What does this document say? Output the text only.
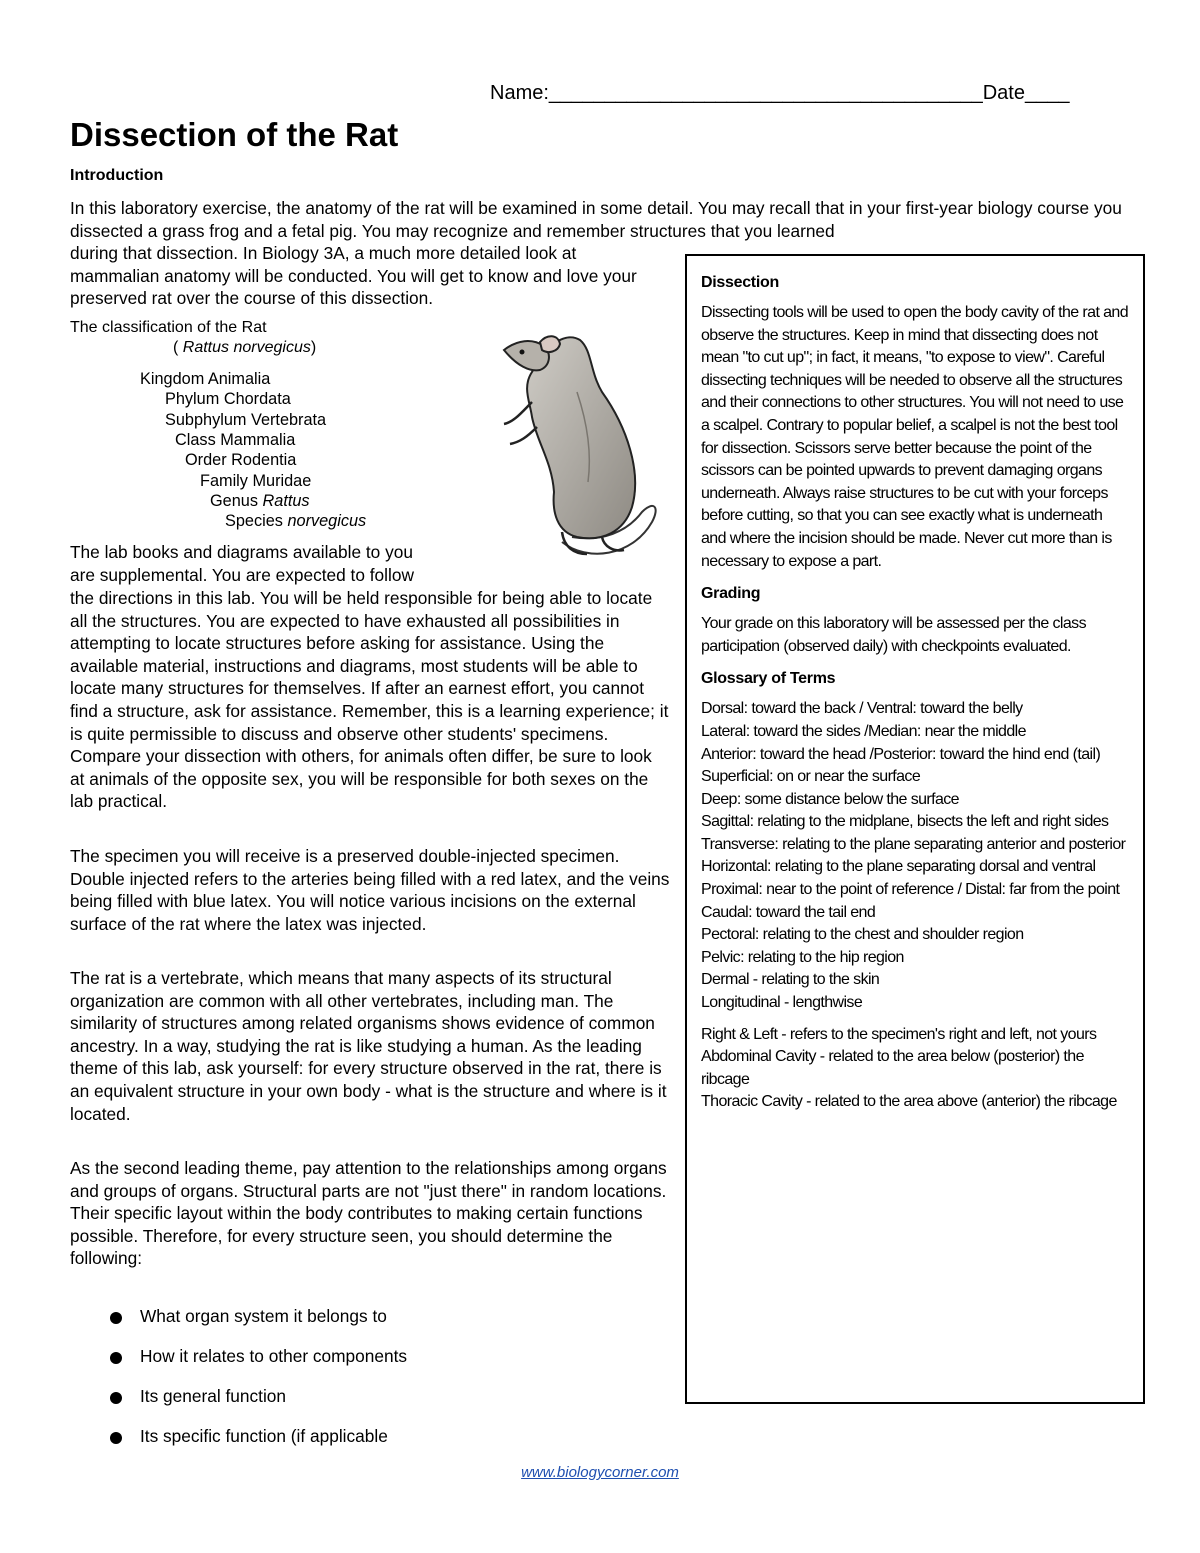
Name:_______________________________________Date____
Dissection of the Rat
Introduction

In this laboratory exercise, the anatomy of the rat will be examined in some detail. You may recall that in your first-year biology course you dissected a grass frog and a fetal pig. You may recognize and remember structures that you learned

during that dissection. In Biology 3A, a much more detailed look at mammalian anatomy will be conducted. You will get to know and love your preserved rat over the course of this dissection.

The classification of the Rat
( Rattus norvegicus)
Kingdom Animalia
Phylum Chordata
Subphylum Vertebrata
Class Mammalia
Order Rodentia
Family Muridae
Genus Rattus
Species norvegicus

The lab books and diagrams available to you

are supplemental. You are expected to follow

the directions in this lab. You will be held responsible for being able to locate all the structures. You are expected to have exhausted all possibilities in attempting to locate structures before asking for assistance. Using the available material, instructions and diagrams, most students will be able to locate many structures for themselves. If after an earnest effort, you cannot find a structure, ask for assistance. Remember, this is a learning experience; it is quite permissible to discuss and observe other students' specimens. Compare your dissection with others, for animals often differ, be sure to look at animals of the opposite sex, you will be responsible for both sexes on the lab practical.

The specimen you will receive is a preserved double-injected specimen. Double injected refers to the arteries being filled with a red latex, and the veins being filled with blue latex. You will notice various incisions on the external surface of the rat where the latex was injected.

The rat is a vertebrate, which means that many aspects of its structural organization are common with all other vertebrates, including man. The similarity of structures among related organisms shows evidence of common ancestry. In a way, studying the rat is like studying a human. As the leading theme of this lab, ask yourself: for every structure observed in the rat, there is an equivalent structure in your own body - what is the structure and where is it located.

As the second leading theme, pay attention to the relationships among organs and groups of organs. Structural parts are not "just there" in random locations. Their specific layout within the body contributes to making certain functions possible. Therefore, for every structure seen, you should determine the following:

What organ system it belongs to
How it relates to other components
Its general function
Its specific function (if applicable

Dissection

Dissecting tools will be used to open the body cavity of the rat and observe the structures. Keep in mind that dissecting does not mean "to cut up"; in fact, it means, "to expose to view". Careful dissecting techniques will be needed to observe all the structures and their connections to other structures. You will not need to use a scalpel. Contrary to popular belief, a scalpel is not the best tool for dissection. Scissors serve better because the point of the scissors can be pointed upwards to prevent damaging organs underneath. Always raise structures to be cut with your forceps before cutting, so that you can see exactly what is underneath and where the incision should be made. Never cut more than is necessary to expose a part.

Grading

Your grade on this laboratory will be assessed per the class participation (observed daily) with checkpoints evaluated.

Glossary of Terms

Dorsal: toward the back / Ventral: toward the belly
Lateral: toward the sides /Median: near the middle
Anterior: toward the head /Posterior: toward the hind end (tail)
Superficial: on or near the surface
Deep: some distance below the surface
Sagittal: relating to the midplane, bisects the left and right sides
Transverse: relating to the plane separating anterior and posterior
Horizontal: relating to the plane separating dorsal and ventral
Proximal: near to the point of reference / Distal: far from the point
Caudal: toward the tail end
Pectoral: relating to the chest and shoulder region
Pelvic: relating to the hip region
Dermal - relating to the skin
Longitudinal - lengthwise
Right & Left - refers to the specimen's right and left, not yours
Abdominal Cavity - related to the area below (posterior) the ribcage
Thoracic Cavity - related to the area above (anterior) the ribcage
www.biologycorner.com
